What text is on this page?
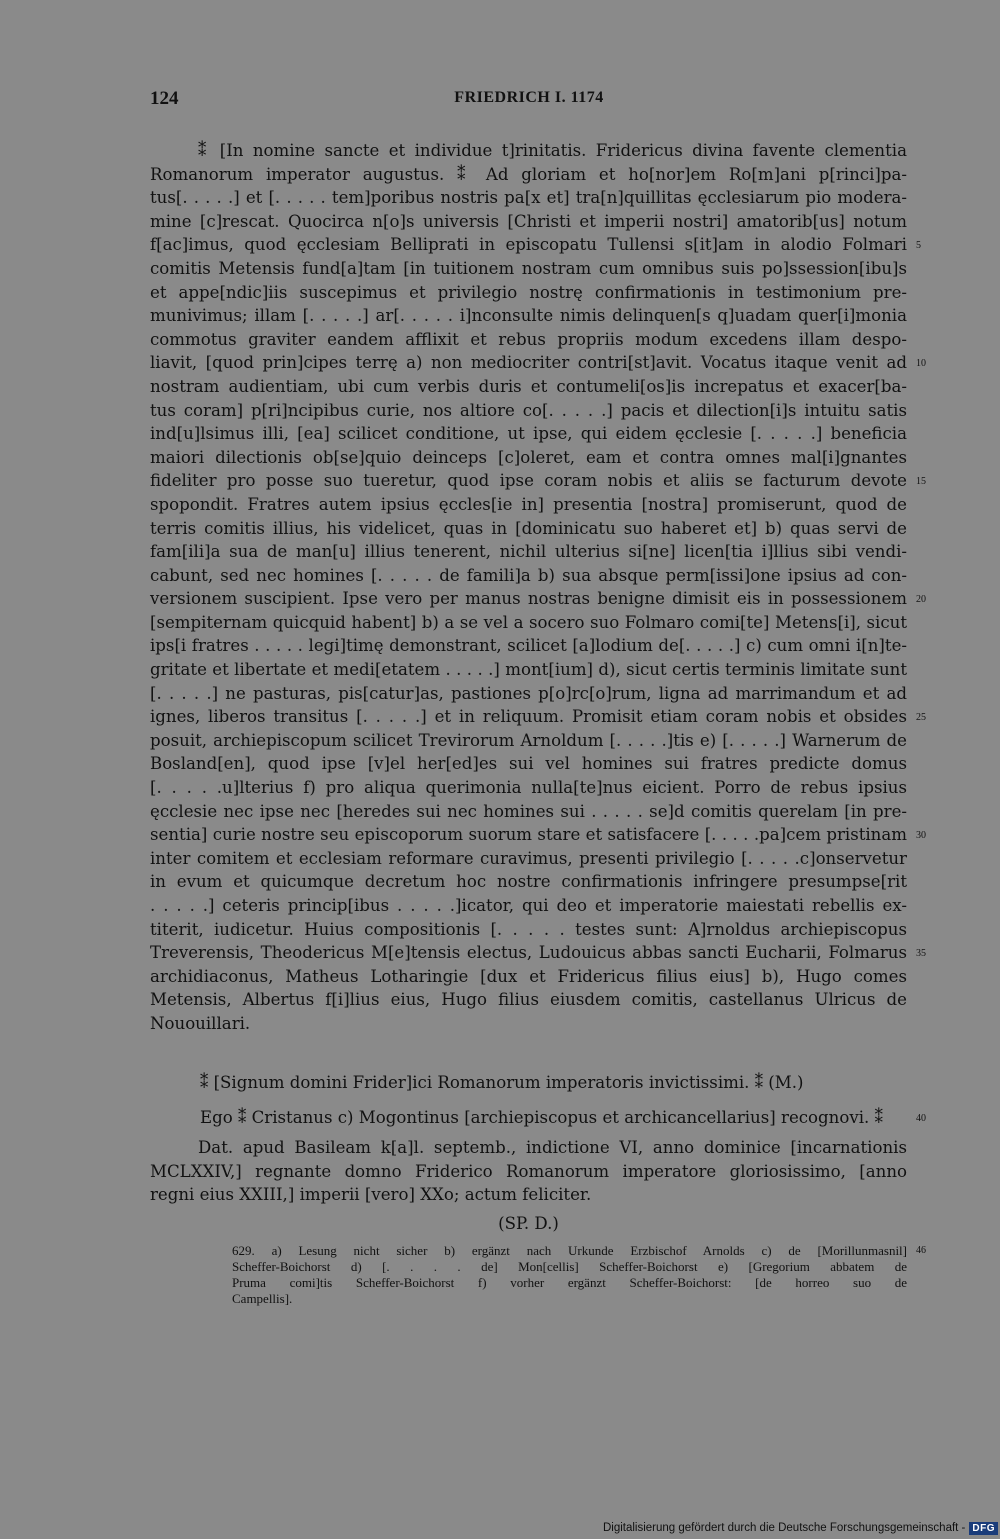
124	FRIEDRICH I. 1174
⁑ [In nomine sancte et individue t]rinitatis. Fridericus divina favente clementia
Romanorum imperator augustus. ⁑ Ad gloriam et ho[nor]em Ro[m]ani p[rinci]pa-
tus[. . . . .] et [. . . . . tem]poribus nostris pa[x et] tra[n]quillitas ęcclesiarum pio modera-
mine [c]rescat. Quocirca n[o]s universis [Christi et imperii nostri] amatorib[us] notum
f[ac]imus, quod ęcclesiam Belliprati in episcopatu Tullensi s[it]am in alodio Folmari 5
comitis Metensis fund[a]tam [in tuitionem nostram cum omnibus suis po]ssession[ibu]s
et appe[ndic]iis suscepimus et privilegio nostrę confirmationis in testimonium pre-
munivimus; illam [. . . . .] ar[. . . . . i]nconsulte nimis delinquen[s q]uadam quer[i]monia
commotus graviter eandem afflixit et rebus propriis modum excedens illam despo-
liavit, [quod prin]cipes terrę a) non mediocriter contri[st]avit. Vocatus itaque venit ad 10
nostram audientiam, ubi cum verbis duris et contumeli[os]is increpatus et exacer[ba-
tus coram] p[ri]ncipibus curie, nos altiore co[. . . . .] pacis et dilection[i]s intuitu satis
ind[u]lsimus illi, [ea] scilicet conditione, ut ipse, qui eidem ęcclesie [. . . . .] beneficia
maiori dilectionis ob[se]quio deinceps [c]oleret, eam et contra omnes mal[i]gnantes
fideliter pro posse suo tueretur, quod ipse coram nobis et aliis se facturum devote 15
spopondit. Fratres autem ipsius ęccles[ie in] presentia [nostra] promiserunt, quod de
terris comitis illius, his videlicet, quas in [dominicatu suo haberet et] b) quas servi de
fam[ili]a sua de man[u] illius tenerent, nichil ulterius si[ne] licen[tia i]llius sibi vendi-
cabunt, sed nec homines [. . . . . de famili]a b) sua absque perm[issi]one ipsius ad con-
versionem suscipient. Ipse vero per manus nostras benigne dimisit eis in possessionem 20
[sempiternam quicquid habent] b) a se vel a socero suo Folmaro comi[te] Metens[i], sicut
ips[i fratres . . . . . legi]timę demonstrant, scilicet [a]lodium de[. . . . .] c) cum omni i[n]te-
gritate et libertate et medi[etatem . . . . .] mont[ium] d), sicut certis terminis limitate sunt
[. . . . .] ne pasturas, pis[catur]as, pastiones p[o]rc[o]rum, ligna ad marrimandum et ad
ignes, liberos transitus [. . . . .] et in reliquum. Promisit etiam coram nobis et obsides 25
posuit, archiepiscopum scilicet Trevirorum Arnoldum [. . . . .]tis e) [. . . . .] Warnerum de
Bosland[en], quod ipse [v]el her[ed]es sui vel homines sui fratres predicte domus
[. . . . .u]lterius f) pro aliqua querimonia nulla[te]nus eicient. Porro de rebus ipsius
ęcclesie nec ipse nec [heredes sui nec homines sui . . . . . se]d comitis querelam [in pre-
sentia] curie nostre seu episcoporum suorum stare et satisfacere [. . . . .pa]cem pristinam 30
inter comitem et ecclesiam reformare curavimus, presenti privilegio [. . . . .c]onservetur
in evum et quicumque decretum hoc nostre confirmationis infringere presumpse[rit
. . . . .] ceteris princip[ibus . . . . .]icator, qui deo et imperatorie maiestati rebellis ex-
titerit, iudicetur. Huius compositionis [. . . . . testes sunt: A]rnoldus archiepiscopus
Treverensis, Theodericus M[e]tensis electus, Ludouicus abbas sancti Eucharii, Folmarus 35
archidiaconus, Matheus Lotharingie [dux et Fridericus filius eius] b), Hugo comes
Metensis, Albertus f[i]lius eius, Hugo filius eiusdem comitis, castellanus Ulricus de
Nououillari.
⁑ [Signum domini Frider]ici Romanorum imperatoris invictissimi. ⁑ (M.)
Ego ⁑ Cristanus c) Mogontinus [archiepiscopus et archicancellarius] recognovi. ⁑	40
Dat. apud Basileam k[a]l. septemb., indictione VI, anno dominice [incarnationis
MCLXXIV,] regnante domno Friderico Romanorum imperatore gloriosissimo, [anno
regni eius XXIII,] imperii [vero] XXo; actum feliciter.
(SP. D.)
629. a) Lesung nicht sicher b) ergänzt nach Urkunde Erzbischof Arnolds c) de [Morillunmasnil] 46
Scheffer-Boichorst d) [. . . . de] Mon[cellis] Scheffer-Boichorst e) [Gregorium abbatem de
Pruma comi]tis Scheffer-Boichorst f) vorher ergänzt Scheffer-Boichorst: [de horreo suo de
Campellis].
Digitalisierung gefördert durch die Deutsche Forschungsgemeinschaft - DFG
